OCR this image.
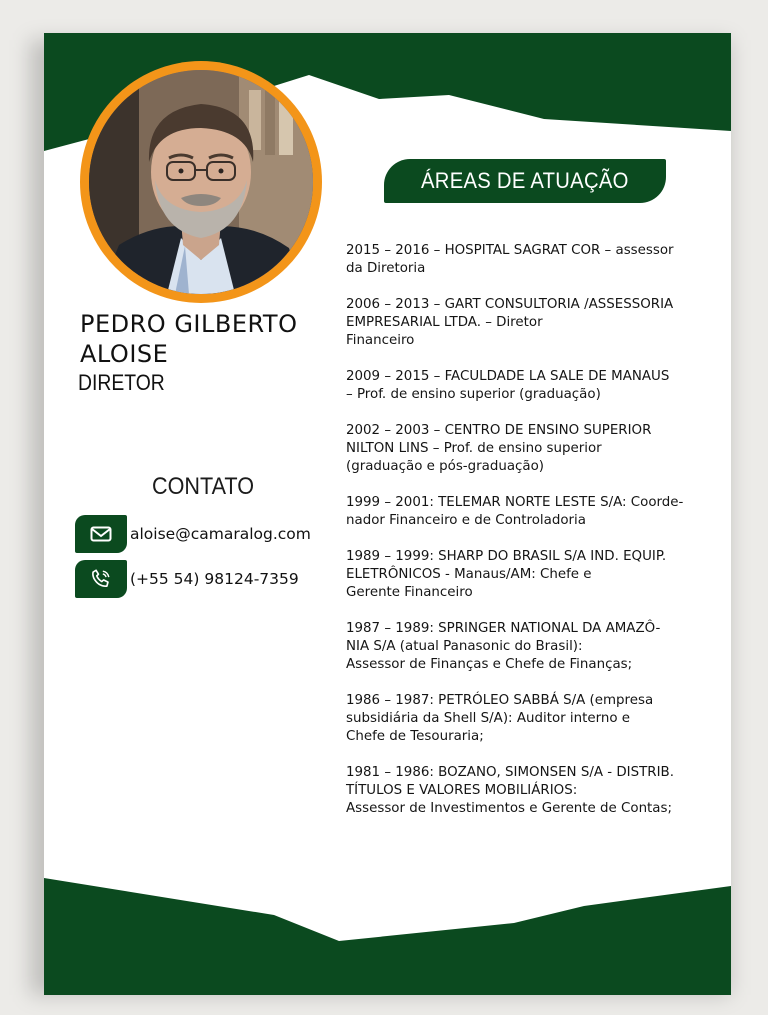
PEDRO GILBERTO
ALOISE
DIRETOR
CONTATO
aloise@camaralog.com
(+55 54) 98124-7359
ÁREAS DE ATUAÇÃO
2015 – 2016 – HOSPITAL SAGRAT COR – assessor
da Diretoria
2006 – 2013 – GART CONSULTORIA /ASSESSORIA
EMPRESARIAL LTDA. – Diretor
Financeiro
2009 – 2015 – FACULDADE LA SALE DE MANAUS
– Prof. de ensino superior (graduação)
2002 – 2003 – CENTRO DE ENSINO SUPERIOR
NILTON LINS – Prof. de ensino superior
(graduação e pós-graduação)
1999 – 2001: TELEMAR NORTE LESTE S/A: Coorde-
nador Financeiro e de Controladoria
1989 – 1999: SHARP DO BRASIL S/A IND. EQUIP.
ELETRÔNICOS - Manaus/AM: Chefe e
Gerente Financeiro
1987 – 1989: SPRINGER NATIONAL DA AMAZÔ-
NIA S/A (atual Panasonic do Brasil):
Assessor de Finanças e Chefe de Finanças;
1986 – 1987: PETRÓLEO SABBÁ S/A (empresa
subsidiária da Shell S/A): Auditor interno e
Chefe de Tesouraria;
1981 – 1986: BOZANO, SIMONSEN S/A - DISTRIB.
TÍTULOS E VALORES MOBILIÁRIOS:
Assessor de Investimentos e Gerente de Contas;
